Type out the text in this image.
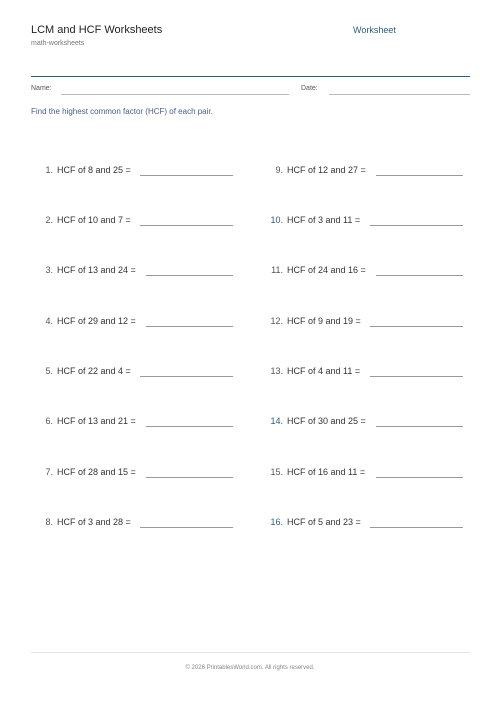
LCM and HCF Worksheets
math-worksheets
Worksheet
Name:	Date:
Find the highest common factor (HCF) of each pair.
1. HCF of 8 and 25 =
2. HCF of 10 and 7 =
3. HCF of 13 and 24 =
4. HCF of 29 and 12 =
5. HCF of 22 and 4 =
6. HCF of 13 and 21 =
7. HCF of 28 and 15 =
8. HCF of 3 and 28 =
9. HCF of 12 and 27 =
10. HCF of 3 and 11 =
11. HCF of 24 and 16 =
12. HCF of 9 and 19 =
13. HCF of 4 and 11 =
14. HCF of 30 and 25 =
15. HCF of 16 and 11 =
16. HCF of 5 and 23 =
© 2026 PrintablesWorld.com. All rights reserved.
